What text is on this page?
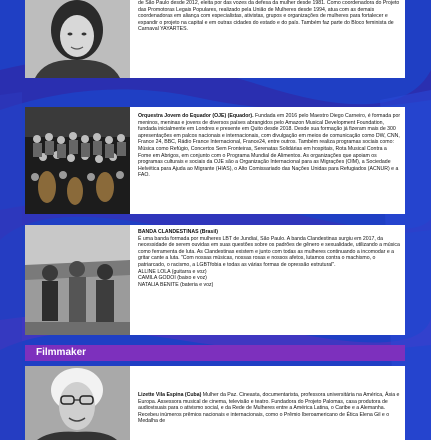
de São Paulo desde 2012, eleita por das vozes da defesa da mulher desde 1981. Como coordenadora do Projeto das Promotoras Legais Populares, realizado pela União de Mulheres desde 1994, atua com as demais coordenadoras em aliança com especialistas, ativistas, grupos e organizações de mulheres para fortalecer e expandir o projeto na capital e em outras cidades do estado e do país. Também faz parte do Bloco feminista de Carnaval YAYARTES.

Orquestra Jovem do Equador (OJE) (Equador). Fundada em 2016 pelo Maestro Diego Carneiro, é formada por meninos, meninas e jovens de diversos países abrangidos pelo Amazon Musical Development Foundation, fundada inicialmente em Londres e presente em Quito desde 2018. Desde sua formação já fizeram mais de 300 apresentações em palcos nacionais e internacionais, com divulgação em meios de comunicação como DW, CNN, France 24, BBC, Rádio France Internacional, France24, entre outros. Também realiza programas sociais como: Música como Refúgio, Concertos Sem Fronteiras, Serenatas Solidárias em hospitais, Rota Musical Contra a Fome em Abrigos, em conjunto com o Programa Mundial de Alimentos. As organizações que apoiam os programas culturais e sociais da OJE são a Organização Internacional para as Migrações (OIM), a Sociedade Helvética para Ajuda ao Migrante (HIAS), o Alto Comissariado das Nações Unidas para Refugiados (ACNUR) e a FAO.

BANDA CLANDESTINAS (Brasil)

É uma banda formada por mulheres LBT de Jundiaí, São Paulo. A banda Clandestinas surgiu em 2017, da necessidade de serem ouvidas em suas questões sobre os padrões de gênero e sexualidade, utilizando a música como ferramenta de luta. As Clandestinas existem e junto com todas as mulheres continuando a incomodar e a gritar cante a luta. "Com nossas músicas, nossas rosas e nossos afetos, lutamos contra o machismo, o patriarcado, o racismo, a LGBTfobia e todas as várias formas de opressão estrutural".

ALLINE LOLA (guitarra e voz)

CAMILA GODOI (baixo e voz)

NATALIA BENITE (bateria e voz)

Filmmaker

Lizette Vila Espina (Cuba) Mulher da Paz. Cineasta, documentarista, professora universitária na América, Ásia e Europa. Assessora musical de cinema, televisão e teatro. Fundadora do Projeto Palomas, casa produtora de audiovisuais para o ativismo social, e da Rede de Mulheres entre a América Latina, o Caribe e a Alemanha. Recebeu inúmeros prêmios nacionais e internacionais, como o Prêmio Iberoamericano de Ética Elena Gil e o Medalha de
